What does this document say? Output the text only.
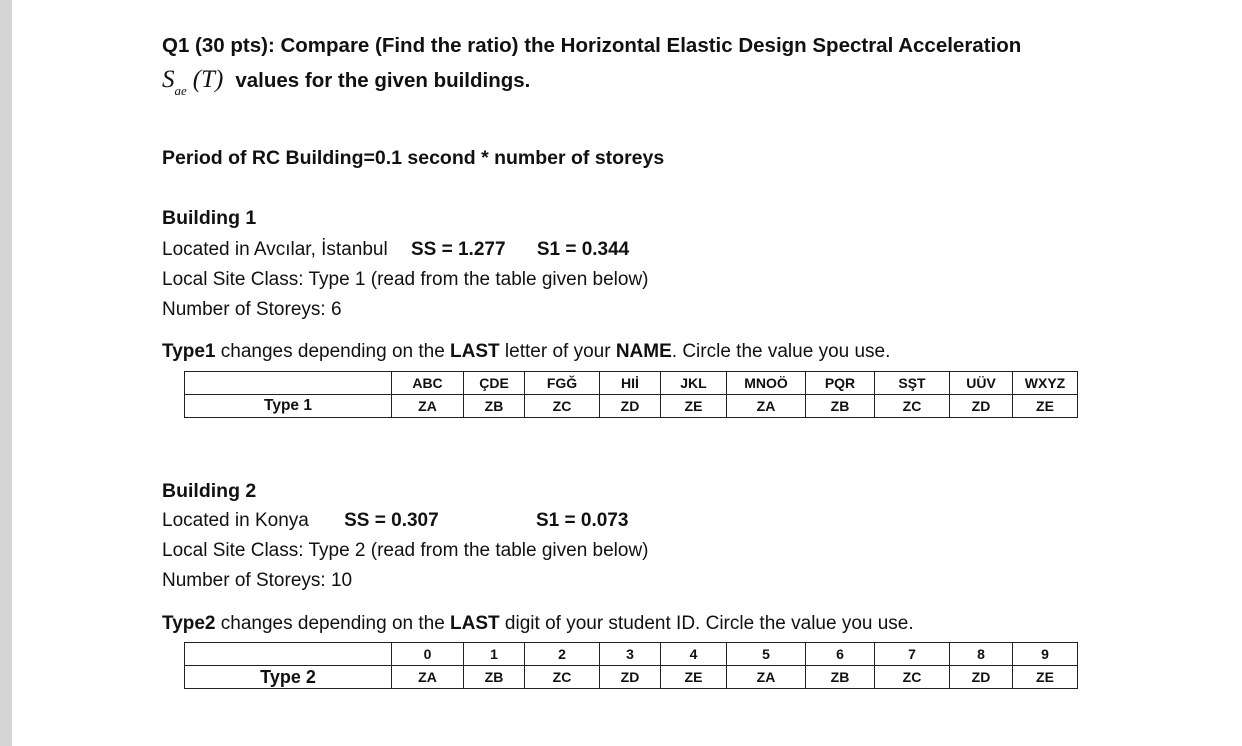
Q1 (30 pts): Compare (Find the ratio) the Horizontal Elastic Design Spectral Acceleration
$S_{ae}$ (T) values for the given buildings.
Period of RC Building=0.1 second * number of storeys
Building 1
Located in Avcılar, İstanbul SS = 1.277 S1 = 0.344
Local Site Class: Type 1 (read from the table given below)
Number of Storeys: 6
Type1 changes depending on the LAST letter of your NAME. Circle the value you use.
	ABC	ÇDE	FGĞ	HIİ	JKL	MNOÖ	PQR	SŞT	UÜV	WXYZ
Type 1	ZA	ZB	ZC	ZD	ZE	ZA	ZB	ZC	ZD	ZE
Building 2
Located in Konya SS = 0.307	S1 = 0.073
Local Site Class: Type 2 (read from the table given below)
Number of Storeys: 10
Type2 changes depending on the LAST digit of your student ID. Circle the value you use.
	0	1	2	3	4	5	6	7	8	9
Type 2	ZA	ZB	ZC	ZD	ZE	ZA	ZB	ZC	ZD	ZE
